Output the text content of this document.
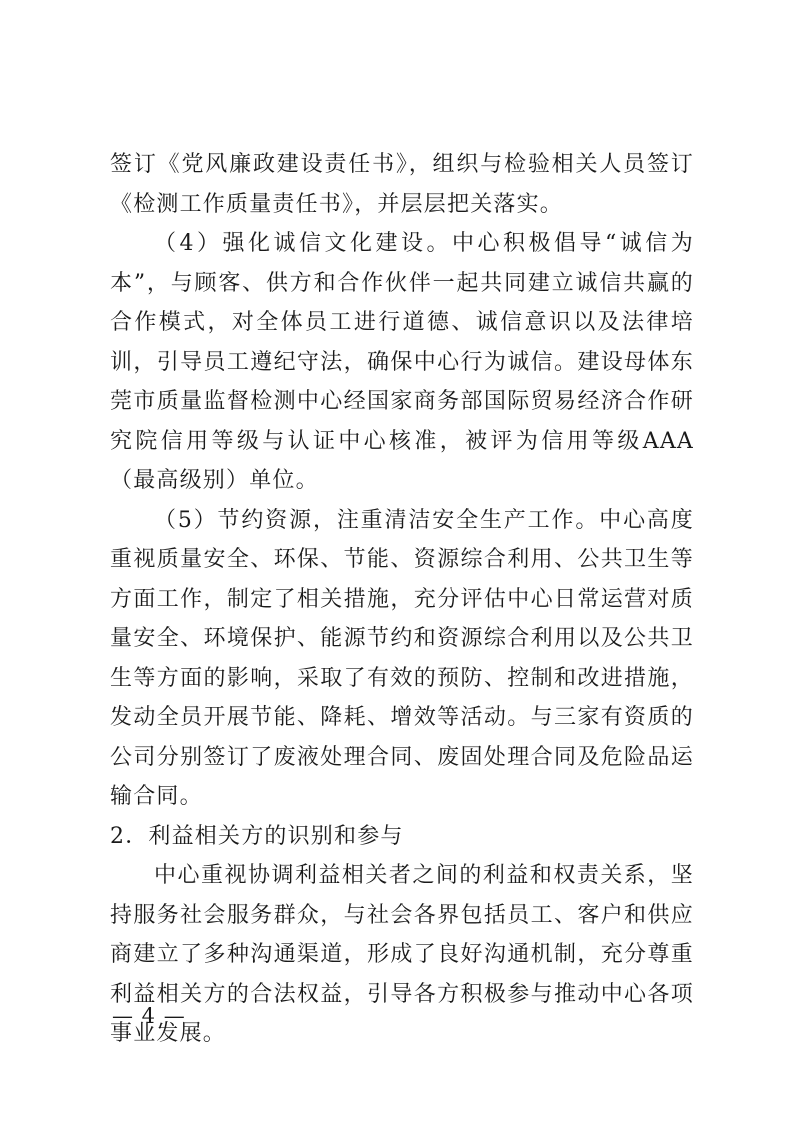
签订《党风廉政建设责任书》，组织与检验相关人员签订《检测工作质量责任书》，并层层把关落实。

（4）强化诚信文化建设。中心积极倡导“诚信为本”，与顾客、供方和合作伙伴一起共同建立诚信共赢的合作模式，对全体员工进行道德、诚信意识以及法律培训，引导员工遵纪守法，确保中心行为诚信。建设母体东莞市质量监督检测中心经国家商务部国际贸易经济合作研究院信用等级与认证中心核准，被评为信用等级AAA（最高级别）单位。

（5）节约资源，注重清洁安全生产工作。中心高度重视质量安全、环保、节能、资源综合利用、公共卫生等方面工作，制定了相关措施，充分评估中心日常运营对质量安全、环境保护、能源节约和资源综合利用以及公共卫生等方面的影响，采取了有效的预防、控制和改进措施，发动全员开展节能、降耗、增效等活动。与三家有资质的公司分别签订了废液处理合同、废固处理合同及危险品运输合同。

2．利益相关方的识别和参与

中心重视协调利益相关者之间的利益和权责关系，坚持服务社会服务群众，与社会各界包括员工、客户和供应商建立了多种沟通渠道，形成了良好沟通机制，充分尊重利益相关方的合法权益，引导各方积极参与推动中心各项事业发展。

— 4 —
